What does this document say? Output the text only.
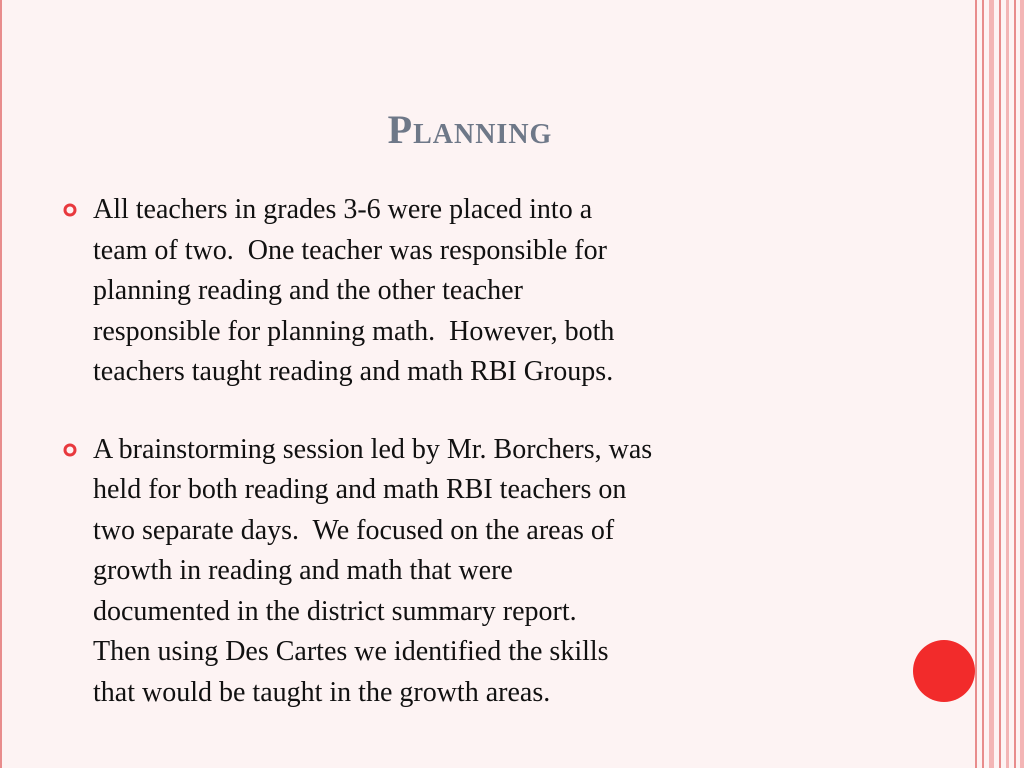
Planning
All teachers in grades 3-6 were placed into a
team of two.  One teacher was responsible for
planning reading and the other teacher
responsible for planning math.  However, both
teachers taught reading and math RBI Groups.
A brainstorming session led by Mr. Borchers, was
held for both reading and math RBI teachers on
two separate days.  We focused on the areas of
growth in reading and math that were
documented in the district summary report.
Then using Des Cartes we identified the skills
that would be taught in the growth areas.
